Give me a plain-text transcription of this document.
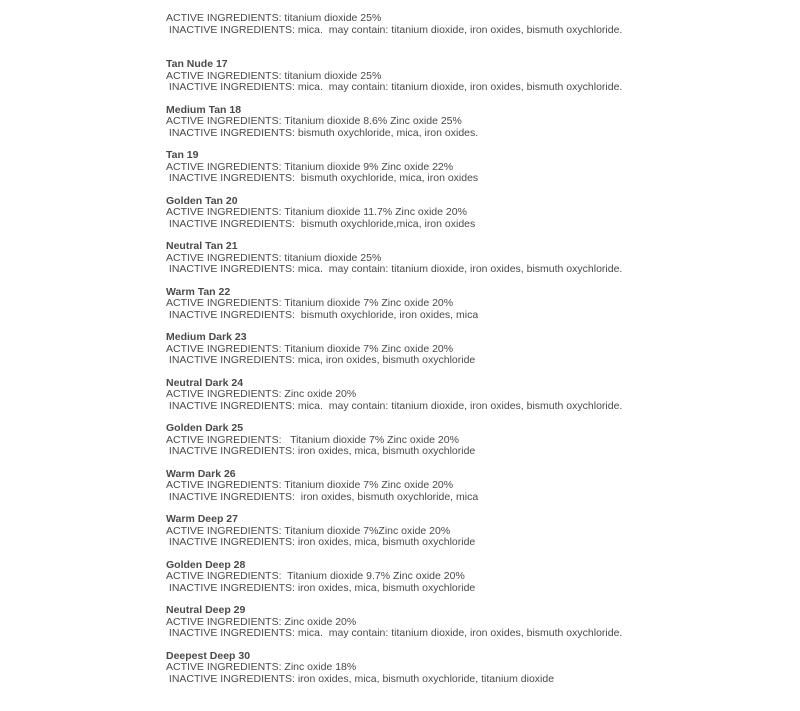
ACTIVE INGREDIENTS: titanium dioxide 25%
INACTIVE INGREDIENTS: mica.  may contain: titanium dioxide, iron oxides, bismuth oxychloride.
Tan Nude 17
ACTIVE INGREDIENTS: titanium dioxide 25%
INACTIVE INGREDIENTS: mica.  may contain: titanium dioxide, iron oxides, bismuth oxychloride.
Medium Tan 18
ACTIVE INGREDIENTS: Titanium dioxide 8.6% Zinc oxide 25%
INACTIVE INGREDIENTS: bismuth oxychloride, mica, iron oxides.
Tan 19
ACTIVE INGREDIENTS: Titanium dioxide 9% Zinc oxide 22%
INACTIVE INGREDIENTS:  bismuth oxychloride, mica, iron oxides
Golden Tan 20
ACTIVE INGREDIENTS: Titanium dioxide 11.7% Zinc oxide 20%
INACTIVE INGREDIENTS:  bismuth oxychloride,mica, iron oxides
Neutral Tan 21
ACTIVE INGREDIENTS: titanium dioxide 25%
INACTIVE INGREDIENTS: mica.  may contain: titanium dioxide, iron oxides, bismuth oxychloride.
Warm Tan 22
ACTIVE INGREDIENTS: Titanium dioxide 7% Zinc oxide 20%
INACTIVE INGREDIENTS:  bismuth oxychloride, iron oxides, mica
Medium Dark 23
ACTIVE INGREDIENTS: Titanium dioxide 7% Zinc oxide 20%
INACTIVE INGREDIENTS: mica, iron oxides, bismuth oxychloride
Neutral Dark 24
ACTIVE INGREDIENTS: Zinc oxide 20%
INACTIVE INGREDIENTS: mica.  may contain: titanium dioxide, iron oxides, bismuth oxychloride.
Golden Dark 25
ACTIVE INGREDIENTS:   Titanium dioxide 7% Zinc oxide 20%
INACTIVE INGREDIENTS: iron oxides, mica, bismuth oxychloride
Warm Dark 26
ACTIVE INGREDIENTS: Titanium dioxide 7% Zinc oxide 20%
INACTIVE INGREDIENTS:  iron oxides, bismuth oxychloride, mica
Warm Deep 27
ACTIVE INGREDIENTS: Titanium dioxide 7%Zinc oxide 20%
INACTIVE INGREDIENTS: iron oxides, mica, bismuth oxychloride
Golden Deep 28
ACTIVE INGREDIENTS:  Titanium dioxide 9.7% Zinc oxide 20%
INACTIVE INGREDIENTS: iron oxides, mica, bismuth oxychloride
Neutral Deep 29
ACTIVE INGREDIENTS: Zinc oxide 20%
INACTIVE INGREDIENTS: mica.  may contain: titanium dioxide, iron oxides, bismuth oxychloride.
Deepest Deep 30
ACTIVE INGREDIENTS: Zinc oxide 18%
INACTIVE INGREDIENTS: iron oxides, mica, bismuth oxychloride, titanium dioxide
